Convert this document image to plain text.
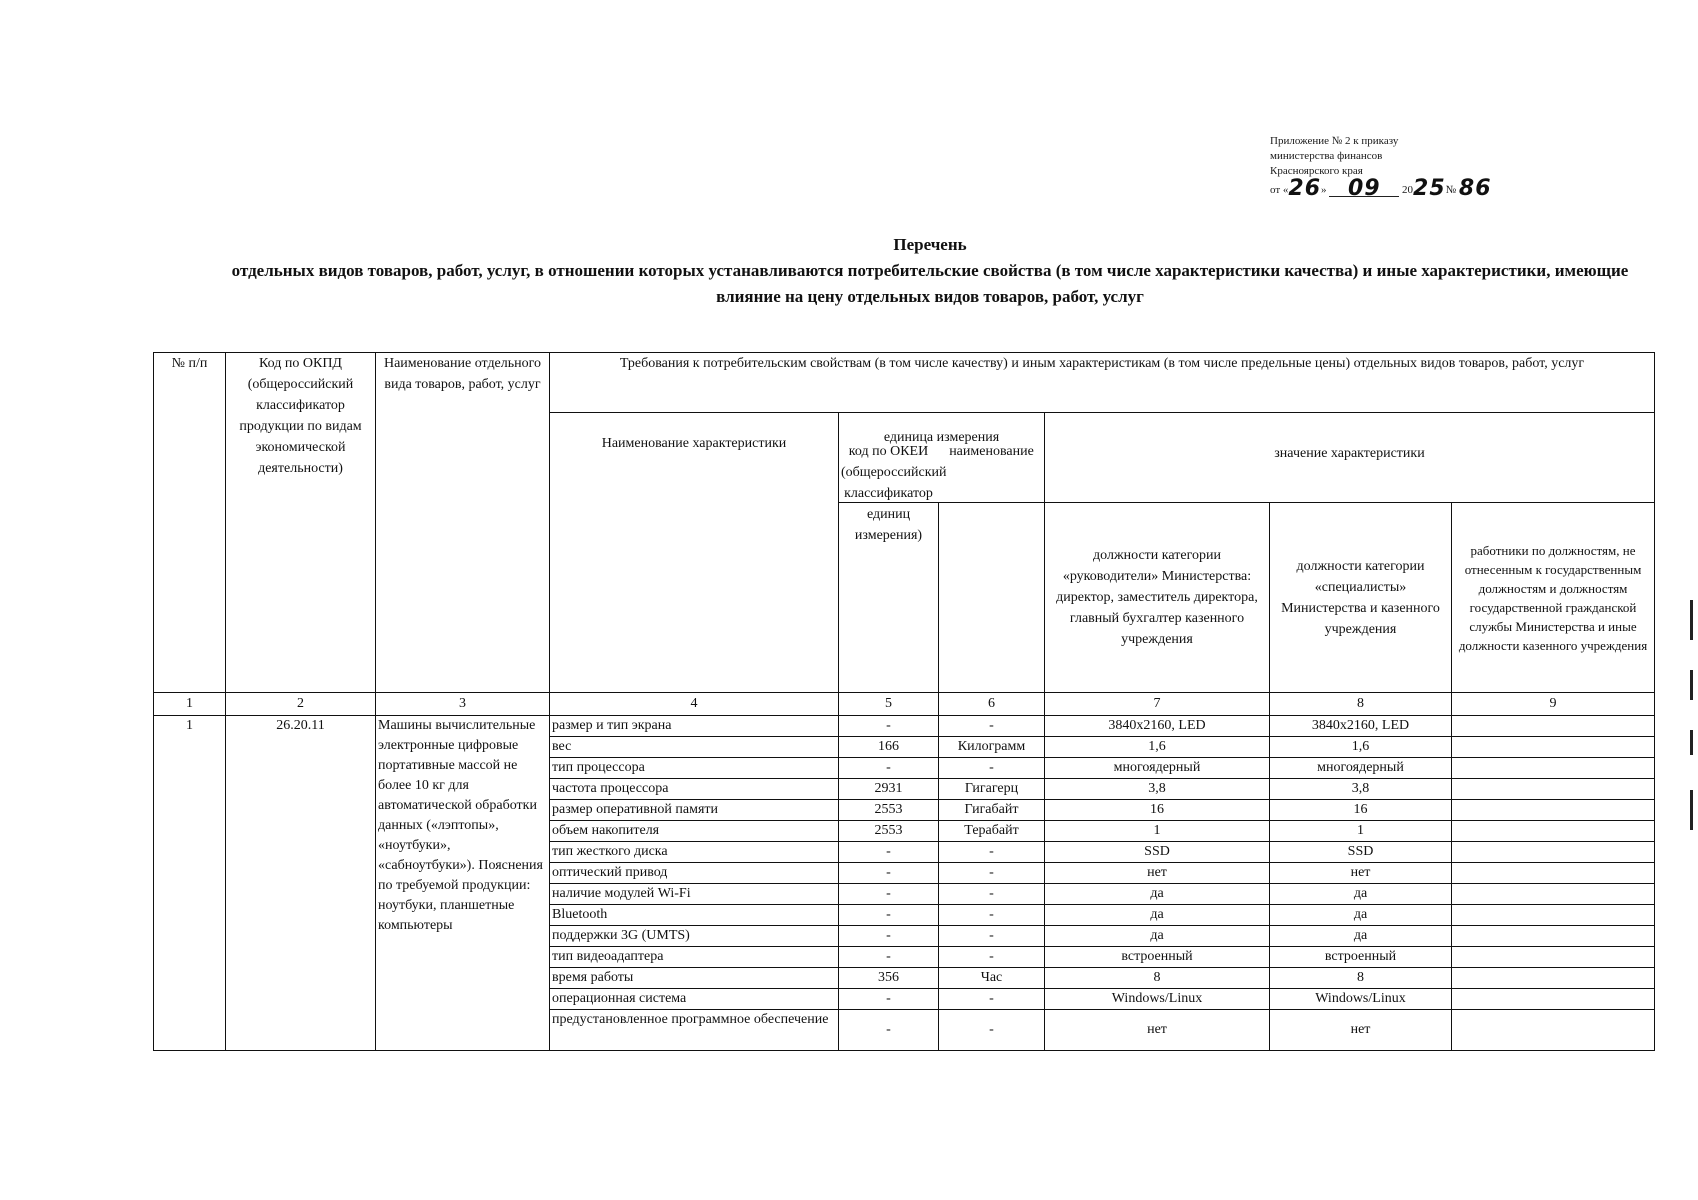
Приложение № 2 к приказу
министерства финансов
Красноярского края
от «26» 09 2025№ 86
Перечень
отдельных видов товаров, работ, услуг, в отношении которых устанавливаются потребительские свойства (в том числе характеристики качества) и иные характеристики, имеющие влияние на цену отдельных видов товаров, работ, услуг
№ п/п	Код по ОКПД (общероссийский классификатор продукции по видам экономической деятельности)	Наименование отдельного вида товаров, работ, услуг	Требования к потребительским свойствам (в том числе качеству) и иным характеристикам (в том числе предельные цены) отдельных видов товаров, работ, услуг					
			Наименование характеристики	единица измерения		значение характеристики		

				код по ОКЕИ (общероссийский классификатор единиц измерения)	наименование	должности категории «руководители» Министерства: директор, заместитель директора, главный бухгалтер казенного учреждения	должности категории «специалисты» Министерства и казенного учреждения	работники по должностям, не отнесенным к государственным должностям и должностям государственной гражданской службы Министерства и иные должности казенного учреждения
1	2	3	4	5	6	7	8	9
1	26.20.11	Машины вычислительные электронные цифровые портативные массой не более 10 кг для автоматической обработки данных («лэптопы», «ноутбуки», «сабноутбуки»). Пояснения по требуемой продукции: ноутбуки, планшетные компьютеры	размер и тип экрана	-	-	3840x2160, LED	3840x2160, LED	
			вес	166	Килограмм	1,6	1,6	
			тип процессора	-	-	многоядерный	многоядерный	
			частота процессора	2931	Гигагерц	3,8	3,8	
			размер оперативной памяти	2553	Гигабайт	16	16	
			объем накопителя	2553	Терабайт	1	1	
			тип жесткого диска	-	-	SSD	SSD	
			оптический привод	-	-	нет	нет	
			наличие модулей Wi-Fi	-	-	да	да	
			Bluetooth	-	-	да	да	
			поддержки 3G (UMTS)	-	-	да	да	
			тип видеоадаптера	-	-	встроенный	встроенный	
			время работы	356	Час	8	8	
			операционная система	-	-	Windows/Linux	Windows/Linux	
			предустановленное программное обеспечение	-	-	нет	нет	
